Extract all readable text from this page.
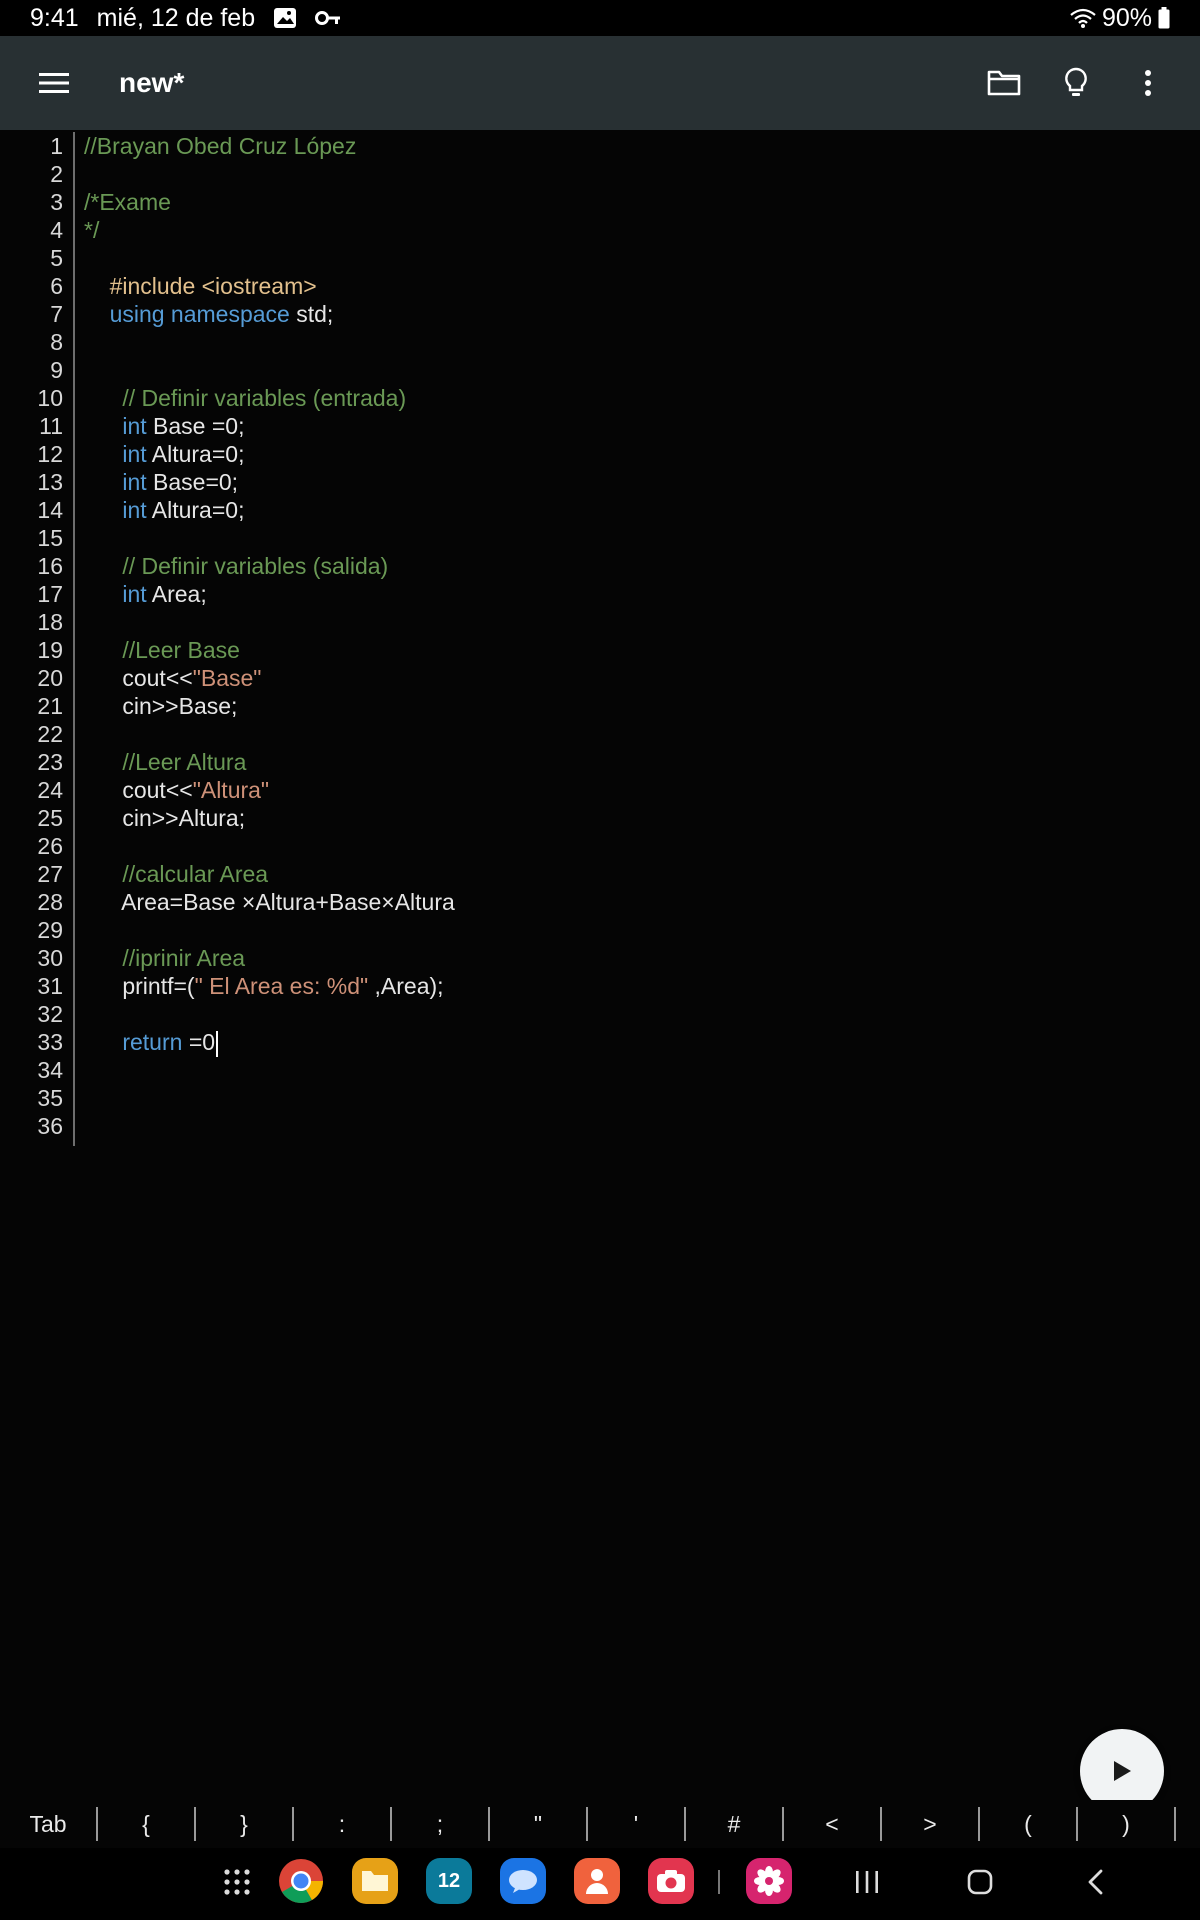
9:41 mié, 12 de feb	90%
new*
1 //Brayan Obed Cruz López
2
3 /*Exame
4 */
5
6	#include <iostream>
7	using namespace std;
8
9
10	// Definir variables (entrada)
11	int Base =0;
12	int Altura=0;
13	int Base=0;
14	int Altura=0;
15
16	// Definir variables (salida)
17	int Area;
18
19	//Leer Base
20 cout<<"Base"
21 cin>>Base;
22
23	//Leer Altura
24 cout<<"Altura"
25 cin>>Altura;
26
27	//calcular Area
28 Area=Base ×Altura+Base×Altura
29
30	//iprinir Area
31 printf=(" El Area es: %d" ,Area);
32
33	return =0
34
35
36
Tab	{	}	:	;	"	'	#	<	>	(	)
12
